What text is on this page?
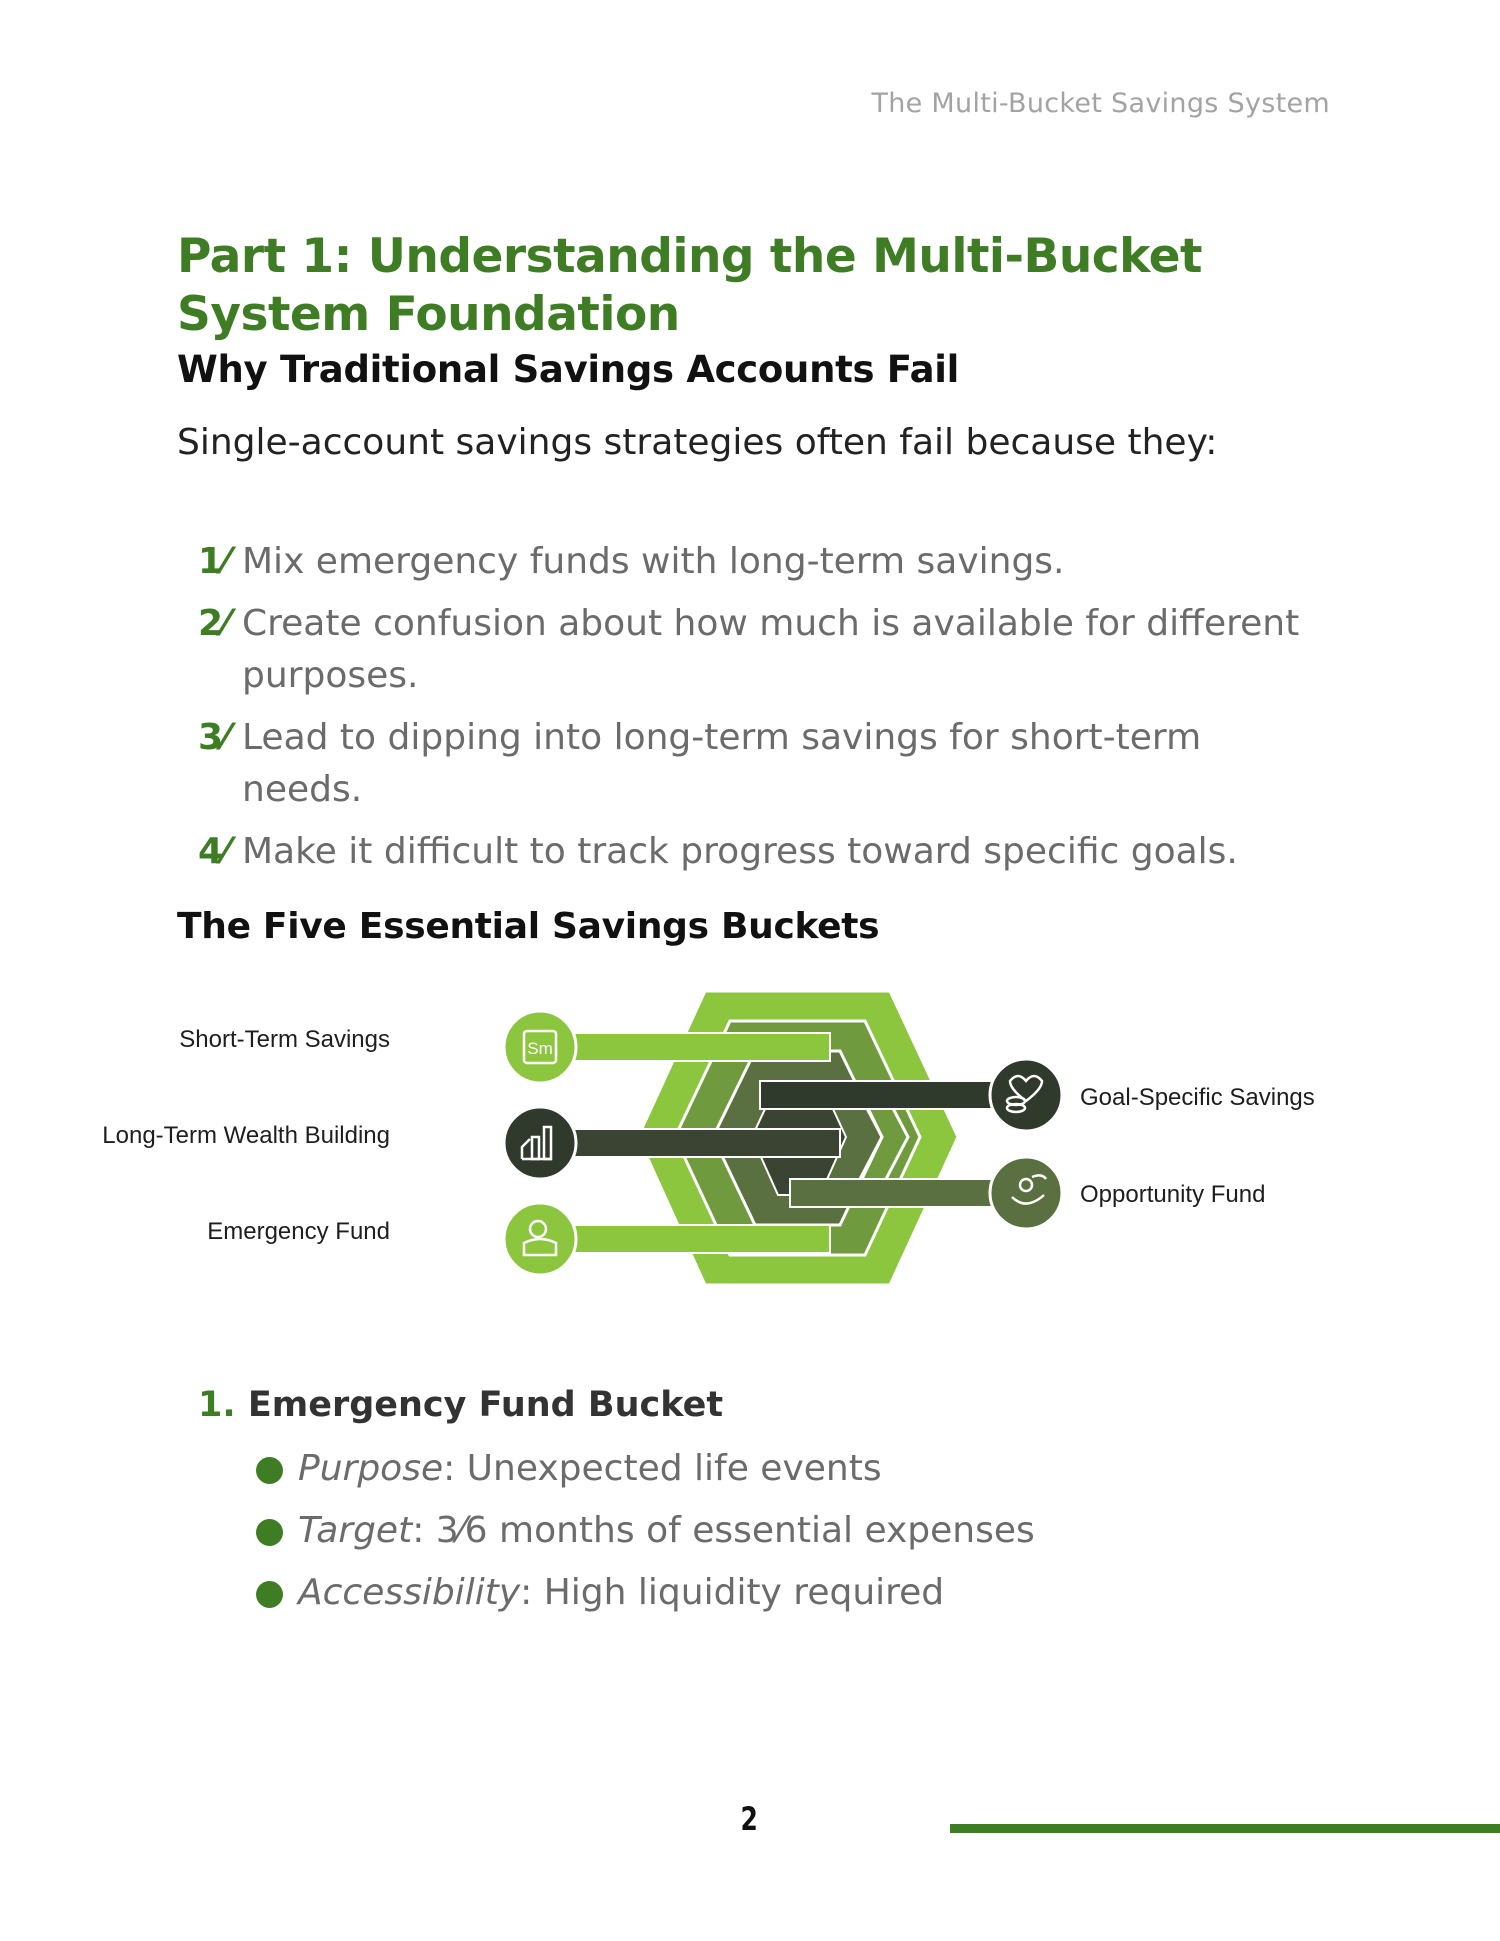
The Multi-Bucket Savings System
Part 1: Understanding the Multi-Bucket System Foundation
Why Traditional Savings Accounts Fail

Single-account savings strategies often fail because they:

1⁄ Mix emergency funds with long-term savings.
2⁄ Create confusion about how much is available for different
purposes.
3⁄ Lead to dipping into long-term savings for short-term needs.
4⁄ Make it difficult to track progress toward specific goals.
The Five Essential Savings Buckets
Sm
Short-Term Savings
Long-Term Wealth Building
Emergency Fund
Goal-Specific Savings
Opportunity Fund
1. Emergency Fund Bucket
Purpose: Unexpected life events
Target: 3⁄6 months of essential expenses
Accessibility: High liquidity required
2
